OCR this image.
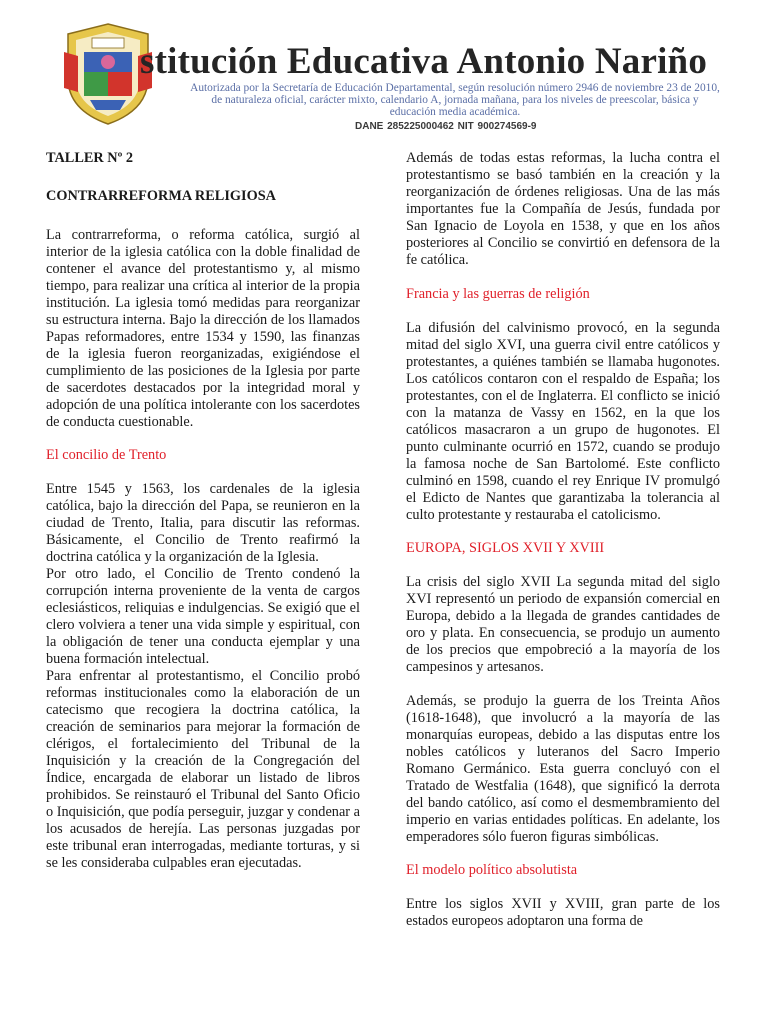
stitución Educativa Antonio Nariño
Autorizada por la Secretaría de Educación Departamental, según resolución número 2946 de noviembre 23 de 2010, de naturaleza oficial, carácter mixto, calendario A, jornada mañana, para los niveles de preescolar, básica y educación media académica.
DANE 285225000462 NIT 900274569-9

TALLER Nº 2

CONTRARREFORMA RELIGIOSA

La contrarreforma, o reforma católica, surgió al interior de la iglesia católica con la doble finalidad de contener el avance del protestantismo y, al mismo tiempo, para realizar una crítica al interior de la propia institución. La iglesia tomó medidas para reorganizar su estructura interna. Bajo la dirección de los llamados Papas reformadores, entre 1534 y 1590, las finanzas de la iglesia fueron reorganizadas, exigiéndose el cumplimiento de las posiciones de la Iglesia por parte de sacerdotes destacados por la integridad moral y adopción de una política intolerante con los sacerdotes de conducta cuestionable.

El concilio de Trento

Entre 1545 y 1563, los cardenales de la iglesia católica, bajo la dirección del Papa, se reunieron en la ciudad de Trento, Italia, para discutir las reformas. Básicamente, el Concilio de Trento reafirmó la doctrina católica y la organización de la Iglesia.

Por otro lado, el Concilio de Trento condenó la corrupción interna proveniente de la venta de cargos eclesiásticos, reliquias e indulgencias. Se exigió que el clero volviera a tener una vida simple y espiritual, con la obligación de tener una conducta ejemplar y una buena formación intelectual.

Para enfrentar al protestantismo, el Concilio probó reformas institucionales como la elaboración de un catecismo que recogiera la doctrina católica, la creación de seminarios para mejorar la formación de clérigos, el fortalecimiento del Tribunal de la Inquisición y la creación de la Congregación del Índice, encargada de elaborar un listado de libros prohibidos. Se reinstauró el Tribunal del Santo Oficio o Inquisición, que podía perseguir, juzgar y condenar a los acusados de herejía. Las personas juzgadas por este tribunal eran interrogadas, mediante torturas, y si se les consideraba culpables eran ejecutadas.

Además de todas estas reformas, la lucha contra el protestantismo se basó también en la creación y la reorganización de órdenes religiosas. Una de las más importantes fue la Compañía de Jesús, fundada por San Ignacio de Loyola en 1538, y que en los años posteriores al Concilio se convirtió en defensora de la fe católica.

Francia y las guerras de religión

La difusión del calvinismo provocó, en la segunda mitad del siglo XVI, una guerra civil entre católicos y protestantes, a quiénes también se llamaba hugonotes. Los católicos contaron con el respaldo de España; los protestantes, con el de Inglaterra. El conflicto se inició con la matanza de Vassy en 1562, en la que los católicos masacraron a un grupo de hugonotes. El punto culminante ocurrió en 1572, cuando se produjo la famosa noche de San Bartolomé. Este conflicto culminó en 1598, cuando el rey Enrique IV promulgó el Edicto de Nantes que garantizaba la tolerancia al culto protestante y restauraba el catolicismo.

EUROPA, SIGLOS XVII Y XVIII

La crisis del siglo XVII La segunda mitad del siglo XVI representó un periodo de expansión comercial en Europa, debido a la llegada de grandes cantidades de oro y plata. En consecuencia, se produjo un aumento de los precios que empobreció a la mayoría de los campesinos y artesanos.

Además, se produjo la guerra de los Treinta Años (1618-1648), que involucró a la mayoría de las monarquías europeas, debido a las disputas entre los nobles católicos y luteranos del Sacro Imperio Romano Germánico. Esta guerra concluyó con el Tratado de Westfalia (1648), que significó la derrota del bando católico, así como el desmembramiento del imperio en varias entidades políticas. En adelante, los emperadores sólo fueron figuras simbólicas.

El modelo político absolutista

Entre los siglos XVII y XVIII, gran parte de los estados europeos adoptaron una forma de
